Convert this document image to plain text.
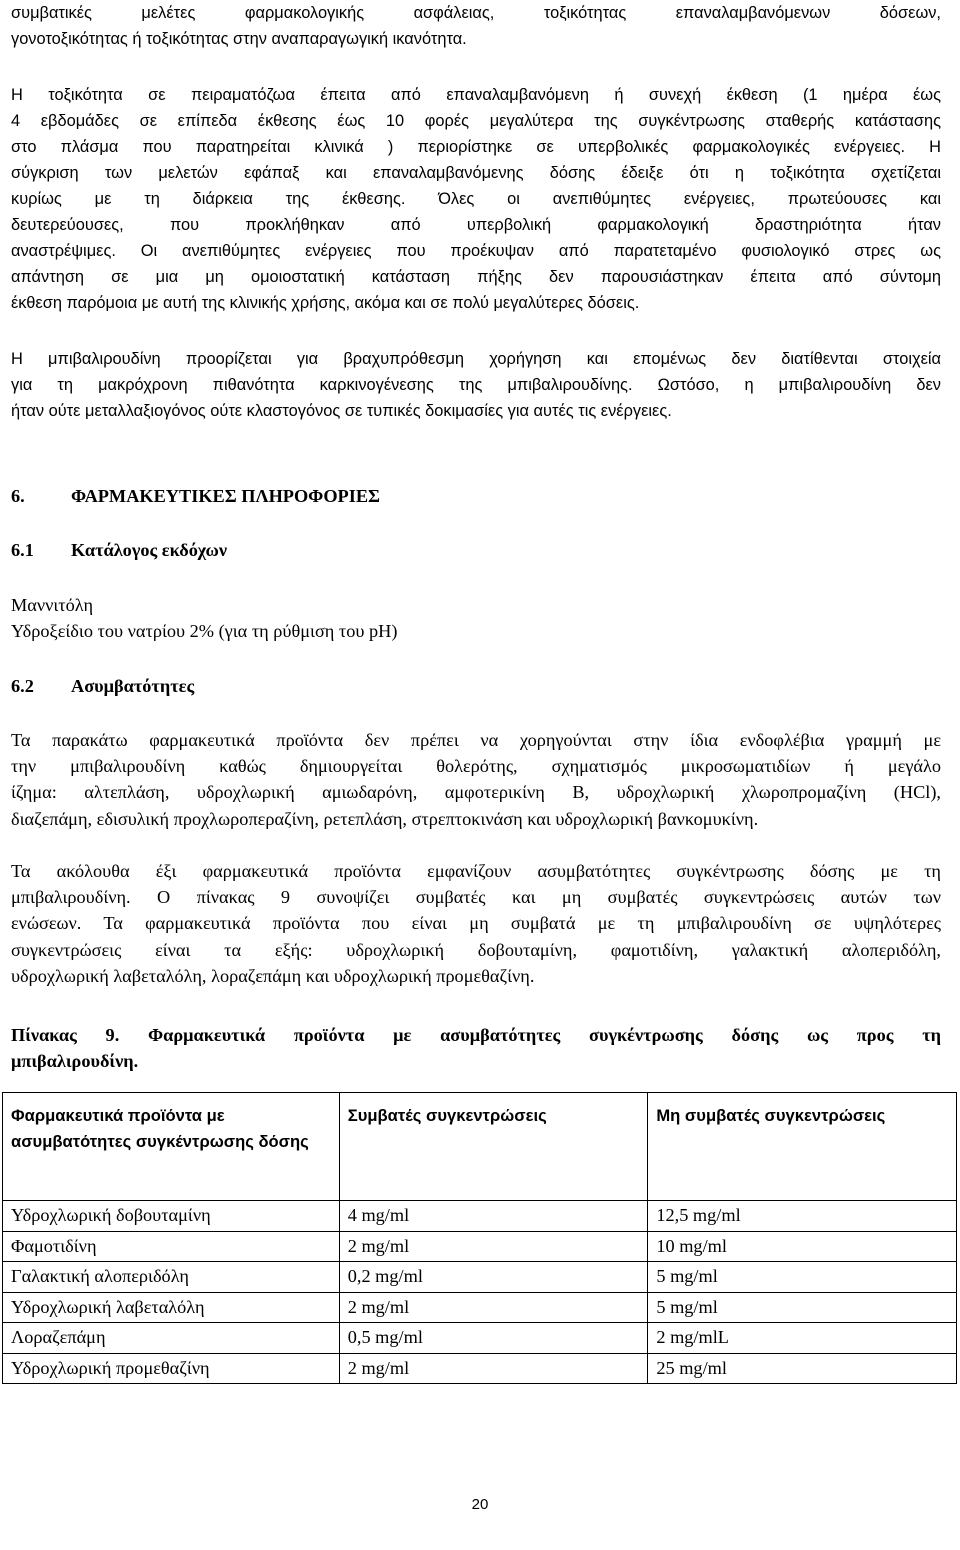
συμβατικές μελέτες φαρμακολογικής ασφάλειας, τοξικότητας επαναλαμβανόμενων δόσεων,
γονοτοξικότητας ή τοξικότητας στην αναπαραγωγική ικανότητα.
Η τοξικότητα σε πειραματόζωα έπειτα από επαναλαμβανόμενη ή συνεχή έκθεση (1 ημέρα έως
4 εβδομάδες σε επίπεδα έκθεσης έως 10 φορές μεγαλύτερα της συγκέντρωσης σταθερής κατάστασης
στο πλάσμα που παρατηρείται κλινικά ) περιορίστηκε σε υπερβολικές φαρμακολογικές ενέργειες. Η
σύγκριση των μελετών εφάπαξ και επαναλαμβανόμενης δόσης έδειξε ότι η τοξικότητα σχετίζεται
κυρίως με τη διάρκεια της έκθεσης. Όλες οι ανεπιθύμητες ενέργειες, πρωτεύουσες και
δευτερεύουσες, που προκλήθηκαν από υπερβολική φαρμακολογική δραστηριότητα ήταν
αναστρέψιμες. Οι ανεπιθύμητες ενέργειες που προέκυψαν από παρατεταμένο φυσιολογικό στρες ως
απάντηση σε μια μη ομοιοστατική κατάσταση πήξης δεν παρουσιάστηκαν έπειτα από σύντομη
έκθεση παρόμοια με αυτή της κλινικής χρήσης, ακόμα και σε πολύ μεγαλύτερες δόσεις.
Η μπιβαλιρουδίνη προορίζεται για βραχυπρόθεσμη χορήγηση και επομένως δεν διατίθενται στοιχεία
για τη μακρόχρονη πιθανότητα καρκινογένεσης της μπιβαλιρουδίνης. Ωστόσο, η μπιβαλιρουδίνη δεν
ήταν ούτε μεταλλαξιογόνος ούτε κλαστογόνος σε τυπικές δοκιμασίες για αυτές τις ενέργειες.
6.	ΦΑΡΜΑΚΕΥΤΙΚΕΣ ΠΛΗΡΟΦΟΡΙΕΣ
6.1 Κατάλογος εκδόχων
Μαννιτόλη
Υδροξείδιο του νατρίου 2% (για τη ρύθμιση του pH)
6.2 Ασυμβατότητες
Τα παρακάτω φαρμακευτικά προϊόντα δεν πρέπει να χορηγούνται στην ίδια ενδοφλέβια γραμμή με
την μπιβαλιρουδίνη καθώς δημιουργείται θολερότης, σχηματισμός μικροσωματιδίων ή μεγάλο
ίζημα: αλτεπλάση, υδροχλωρική αμιωδαρόνη, αμφοτερικίνη Β, υδροχλωρική χλωροπρομαζίνη (HCl),
διαζεπάμη, εδισυλική προχλωροπεραζίνη, ρετεπλάση, στρεπτοκινάση και υδροχλωρική βανκομυκίνη.
Τα ακόλουθα έξι φαρμακευτικά προϊόντα εμφανίζουν ασυμβατότητες συγκέντρωσης δόσης με τη
μπιβαλιρουδίνη. Ο πίνακας 9 συνοψίζει συμβατές και μη συμβατές συγκεντρώσεις αυτών των
ενώσεων. Τα φαρμακευτικά προϊόντα που είναι μη συμβατά με τη μπιβαλιρουδίνη σε υψηλότερες
συγκεντρώσεις είναι τα εξής: υδροχλωρική δοβουταμίνη, φαμοτιδίνη, γαλακτική αλοπεριδόλη,
υδροχλωρική λαβεταλόλη, λοραζεπάμη και υδροχλωρική προμεθαζίνη.
Πίνακας 9. Φαρμακευτικά προϊόντα με ασυμβατότητες συγκέντρωσης δόσης ως προς τη
μπιβαλιρουδίνη.
Φαρμακευτικά προϊόντα με ασυμβατότητες συγκέντρωσης δόσης	Συμβατές συγκεντρώσεις	Μη συμβατές συγκεντρώσεις
Υδροχλωρική δοβουταμίνη	4 mg/ml	12,5 mg/ml
Φαμοτιδίνη	2 mg/ml	10 mg/ml
Γαλακτική αλοπεριδόλη	0,2 mg/ml	5 mg/ml
Υδροχλωρική λαβεταλόλη	2 mg/ml	5 mg/ml
Λοραζεπάμη	0,5 mg/ml	2 mg/mlL
Υδροχλωρική προμεθαζίνη	2 mg/ml	25 mg/ml
20
